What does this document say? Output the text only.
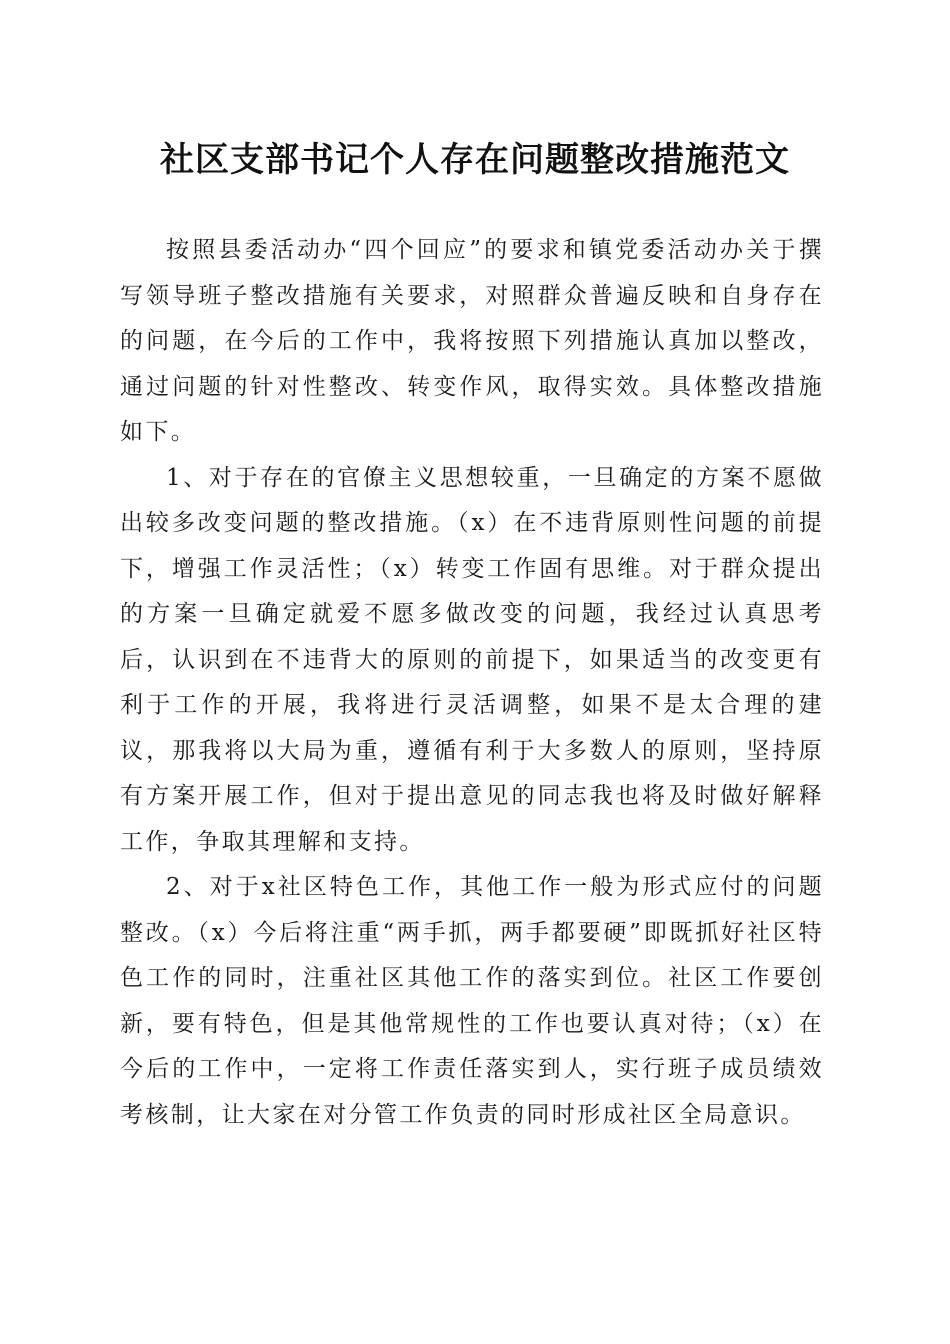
社区支部书记个人存在问题整改措施范文

按照县委活动办“四个回应”的要求和镇党委活动办关于撰写领导班子整改措施有关要求，对照群众普遍反映和自身存在的问题，在今后的工作中，我将按照下列措施认真加以整改，通过问题的针对性整改、转变作风，取得实效。具体整改措施如下。

1、对于存在的官僚主义思想较重，一旦确定的方案不愿做出较多改变问题的整改措施。（x）在不违背原则性问题的前提下，增强工作灵活性；（x）转变工作固有思维。对于群众提出的方案一旦确定就爱不愿多做改变的问题，我经过认真思考后，认识到在不违背大的原则的前提下，如果适当的改变更有利于工作的开展，我将进行灵活调整，如果不是太合理的建议，那我将以大局为重，遵循有利于大多数人的原则，坚持原有方案开展工作，但对于提出意见的同志我也将及时做好解释工作，争取其理解和支持。

2、对于x社区特色工作，其他工作一般为形式应付的问题整改。（x）今后将注重“两手抓，两手都要硬”即既抓好社区特色工作的同时，注重社区其他工作的落实到位。社区工作要创新，要有特色，但是其他常规性的工作也要认真对待；（x）在今后的工作中，一定将工作责任落实到人，实行班子成员绩效考核制，让大家在对分管工作负责的同时形成社区全局意识。
